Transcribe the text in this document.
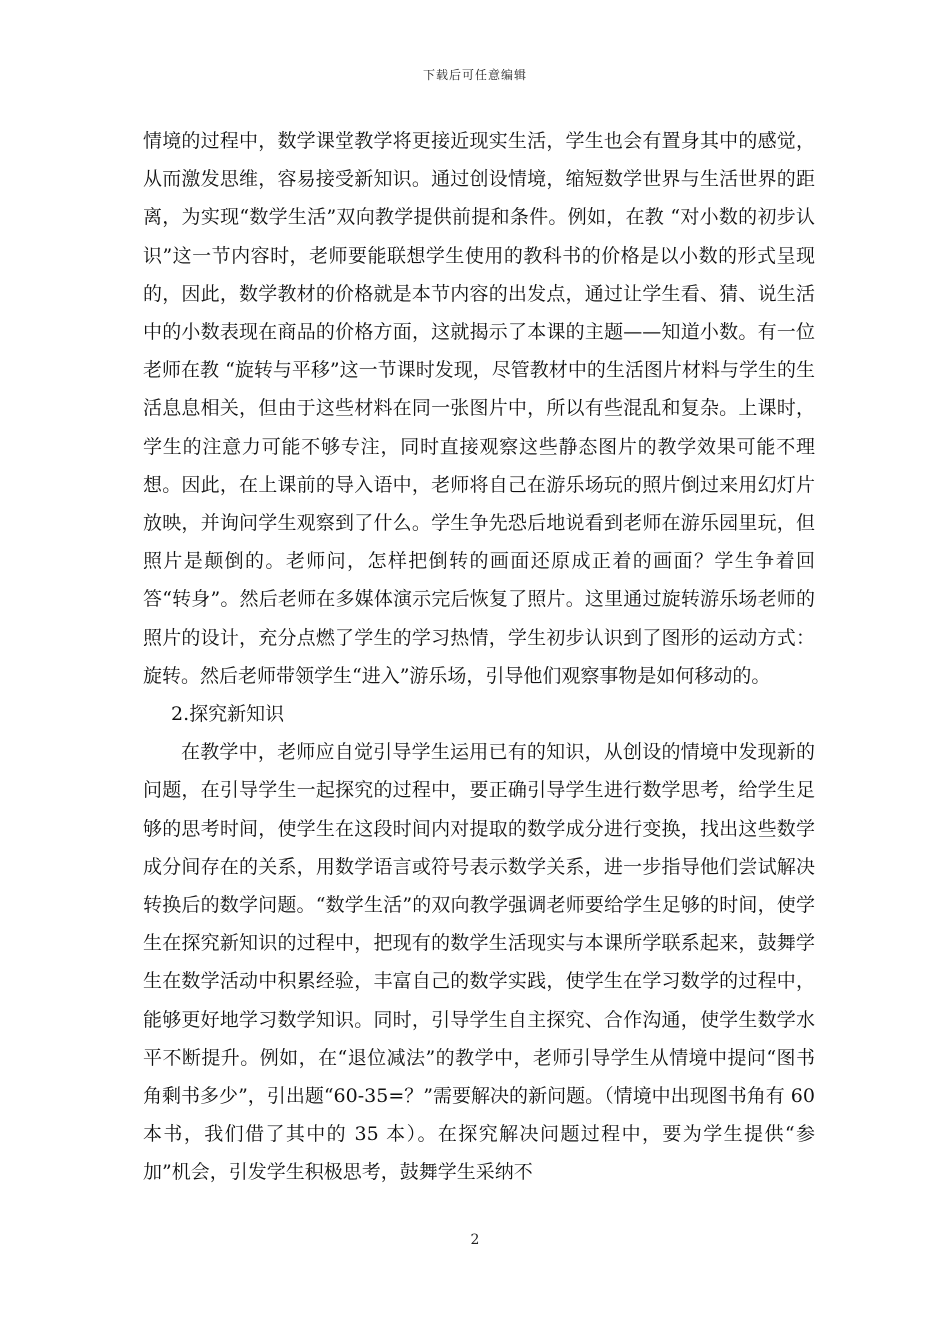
下载后可任意编辑

情境的过程中，数学课堂教学将更接近现实生活，学生也会有置身其中的感觉，从而激发思维，容易接受新知识。通过创设情境，缩短数学世界与生活世界的距离，为实现“数学生活”双向教学提供前提和条件。例如，在教 “对小数的初步认识”这一节内容时，老师要能联想学生使用的教科书的价格是以小数的形式呈现的，因此，数学教材的价格就是本节内容的出发点，通过让学生看、猜、说生活中的小数表现在商品的价格方面，这就揭示了本课的主题——知道小数。有一位老师在教 “旋转与平移”这一节课时发现，尽管教材中的生活图片材料与学生的生活息息相关，但由于这些材料在同一张图片中，所以有些混乱和复杂。上课时，学生的注意力可能不够专注，同时直接观察这些静态图片的教学效果可能不理想。因此，在上课前的导入语中，老师将自己在游乐场玩的照片倒过来用幻灯片放映，并询问学生观察到了什么。学生争先恐后地说看到老师在游乐园里玩，但照片是颠倒的。老师问，怎样把倒转的画面还原成正着的画面？学生争着回答“转身”。然后老师在多媒体演示完后恢复了照片。这里通过旋转游乐场老师的照片的设计，充分点燃了学生的学习热情，学生初步认识到了图形的运动方式：旋转。然后老师带领学生“进入”游乐场，引导他们观察事物是如何移动的。

2.探究新知识

在教学中，老师应自觉引导学生运用已有的知识，从创设的情境中发现新的问题，在引导学生一起探究的过程中，要正确引导学生进行数学思考，给学生足够的思考时间，使学生在这段时间内对提取的数学成分进行变换，找出这些数学成分间存在的关系，用数学语言或符号表示数学关系，进一步指导他们尝试解决转换后的数学问题。“数学生活”的双向教学强调老师要给学生足够的时间，使学生在探究新知识的过程中，把现有的数学生活现实与本课所学联系起来，鼓舞学生在数学活动中积累经验，丰富自己的数学实践，使学生在学习数学的过程中，能够更好地学习数学知识。同时，引导学生自主探究、合作沟通，使学生数学水平不断提升。例如，在“退位减法”的教学中，老师引导学生从情境中提问“图书角剩书多少”，引出题“60-35=？”需要解决的新问题。（情境中出现图书角有 60 本书，我们借了其中的 35 本）。在探究解决问题过程中，要为学生提供“参加”机会，引发学生积极思考，鼓舞学生采纳不

2
